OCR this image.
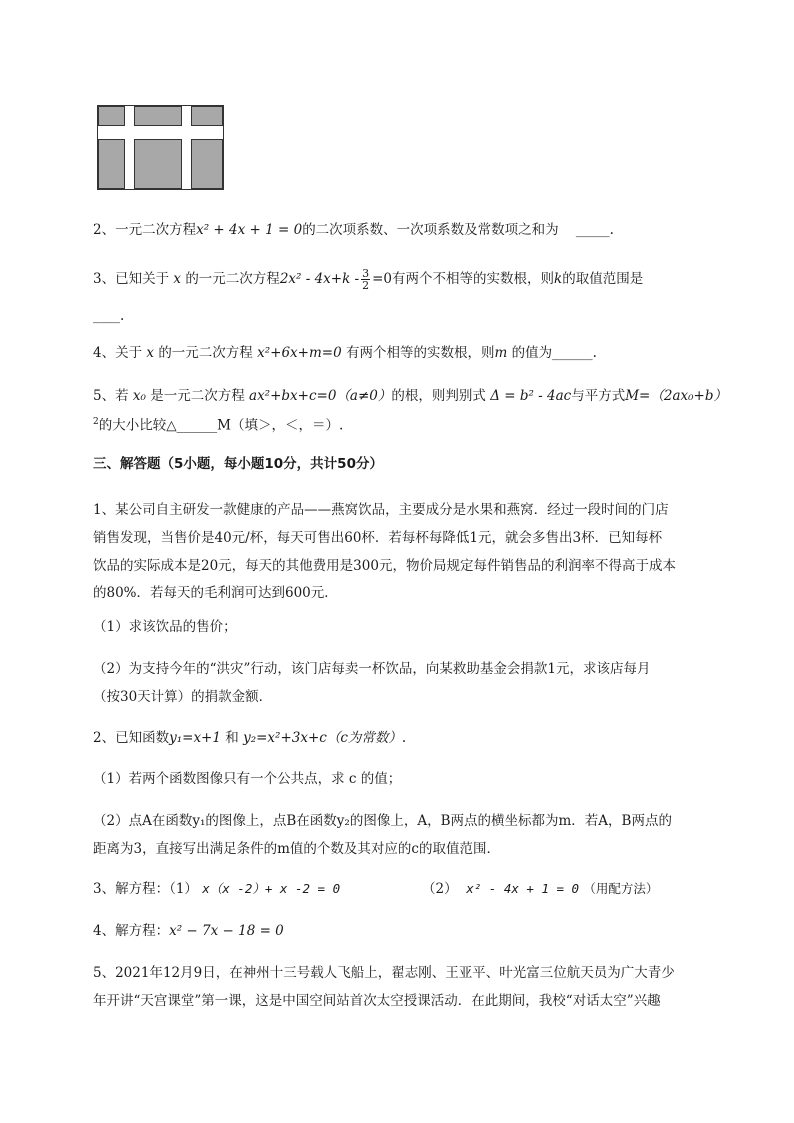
2、一元二次方程x² + 4x + 1 = 0的二次项系数、一次项系数及常数项之和为 _____.
3、已知关于 x 的一元二次方程$2x^2 - 4x+k - \frac{3}{2} =0$有两个不相等的实数根，则k的取值范围是
____.
4、关于 x 的一元二次方程 x²+6x+m=0 有两个相等的实数根，则m 的值为______.
5、若 x₀ 是一元二次方程 ax²+bx+c=0（a≠0）的根，则判别式 Δ = b² - 4ac与平方式M=（2ax₀+b）
$^2$的大小比较△______M（填＞，＜，＝）.
三、解答题（5小题，每小题10分，共计50分）
1、某公司自主研发一款健康的产品——燕窝饮品，主要成分是水果和燕窝．经过一段时间的门店
销售发现，当售价是40元/杯，每天可售出60杯．若每杯每降低1元，就会多售出3杯．已知每杯
饮品的实际成本是20元，每天的其他费用是300元，物价局规定每件销售品的利润率不得高于成本
的80%．若每天的毛利润可达到600元．
（1）求该饮品的售价；
（2）为支持今年的“洪灾”行动，该门店每卖一杯饮品，向某救助基金会捐款1元，求该店每月
（按30天计算）的捐款金额．
2、已知函数y₁=x+1 和 y₂=x²+3x+c（c为常数）.
（1）若两个函数图像只有一个公共点，求 c 的值；
（2）点A在函数y₁的图像上，点B在函数y₂的图像上，A，B两点的横坐标都为m．若A，B两点的
距离为3，直接写出满足条件的m值的个数及其对应的c的取值范围．
3、解方程：（1） x（x -2）+ x -2 = 0	（2） x² - 4x + 1 = 0 （用配方法）
4、解方程：x² − 7x − 18 = 0
5、2021年12月9日，在神州十三号载人飞船上，翟志刚、王亚平、叶光富三位航天员为广大青少
年开讲“天宫课堂”第一课，这是中国空间站首次太空授课活动．在此期间，我校“对话太空”兴趣
